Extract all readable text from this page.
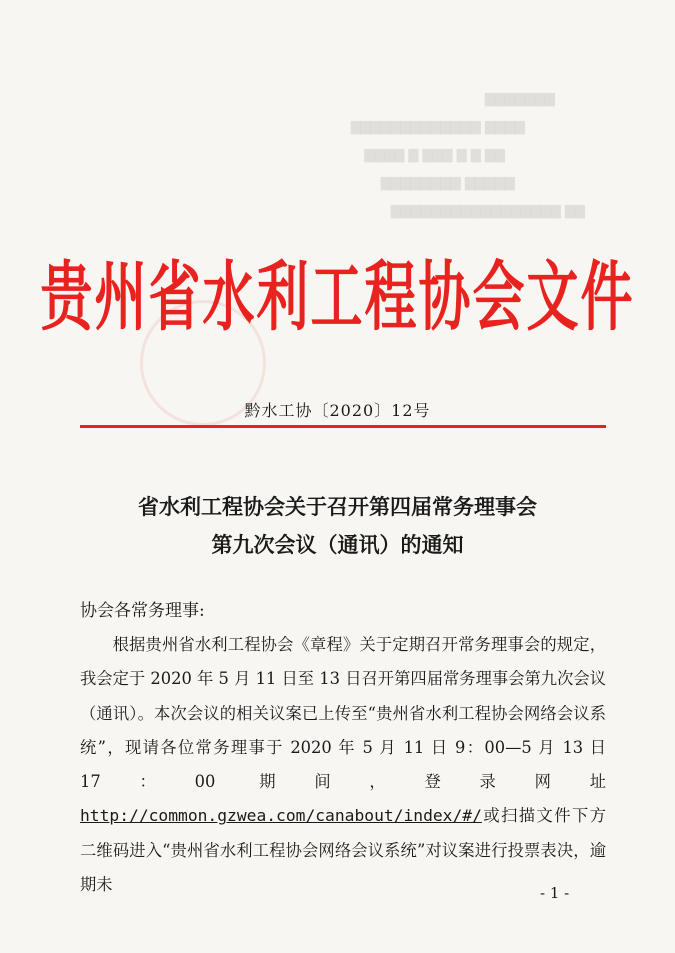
▇▇▇▇▇▇▇
▇▇▇▇ ▇▇▇▇▇▇▇▇▇▇▇▇▇
▇▇ ▇ ▇ ▇▇▇ ▇ ▇▇▇▇
▇▇▇▇▇ ▇▇▇▇▇▇▇▇
▇▇ ▇▇▇▇▇▇▇▇▇▇▇▇▇▇▇▇▇
贵州省水利工程协会文件
黔水工协〔2020〕12号
省水利工程协会关于召开第四届常务理事会
第九次会议（通讯）的通知
协会各常务理事:

根据贵州省水利工程协会《章程》关于定期召开常务理事会的规定，我会定于 2020 年 5 月 11 日至 13 日召开第四届常务理事会第九次会议（通讯）。本次会议的相关议案已上传至“贵州省水利工程协会网络会议系统”，现请各位常务理事于 2020 年 5 月 11 日 9：00—5 月 13 日 17：00 期间，登录网址http://common.gzwea.com/canabout/index/#/或扫描文件下方二维码进入“贵州省水利工程协会网络会议系统”对议案进行投票表决，逾期未	- 1 -
